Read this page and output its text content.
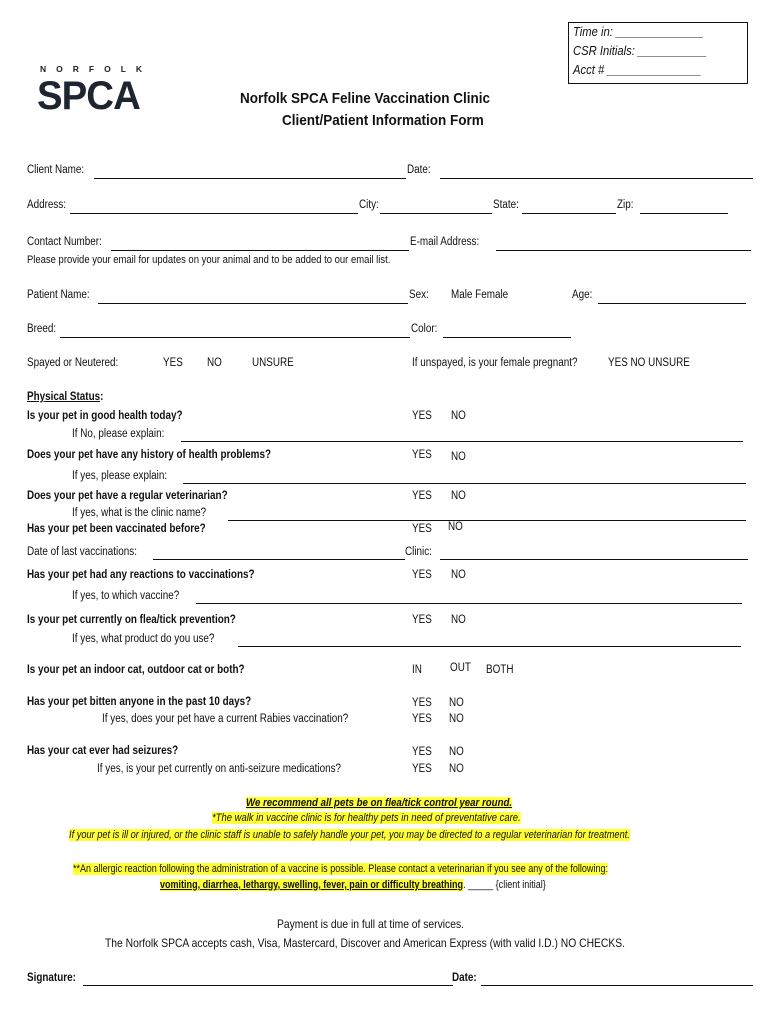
Time in: ______________
CSR Initials: ___________
Acct # _______________
NORFOLK
SPCA	Norfolk SPCA Feline Vaccination Clinic
Client/Patient Information Form
Client Name:	Date:
Address:	City:	State:	Zip:
Contact Number:	E-mail Address:
Please provide your email for updates on your animal and to be added to our email list.
Patient Name:	Sex: Male Female	Age:
Breed:	Color:
Spayed or Neutered:	YES NO	UNSURE	If unspayed, is your female pregnant?	YES NO UNSURE
Physical Status:
Is your pet in good health today?	YES NO
If No, please explain:
Does your pet have any history of health problems?	YES NO
If yes, please explain:
Does your pet have a regular veterinarian?	YES NO
If yes, what is the clinic name?
Has your pet been vaccinated before?	YES NO
Date of last vaccinations:	Clinic:
Has your pet had any reactions to vaccinations?	YES NO
If yes, to which vaccine?
Is your pet currently on flea/tick prevention?	YES NO
If yes, what product do you use?
Is your pet an indoor cat, outdoor cat or both?	IN OUT BOTH
Has your pet bitten anyone in the past 10 days?	YES NO
If yes, does your pet have a current Rabies vaccination?	YES NO
Has your cat ever had seizures?	YES NO
If yes, is your pet currently on anti-seizure medications?	YES NO
We recommend all pets be on flea/tick control year round.
*The walk in vaccine clinic is for healthy pets in need of preventative care.
If your pet is ill or injured, or the clinic staff is unable to safely handle your pet, you may be directed to a regular veterinarian for treatment.
**An allergic reaction following the administration of a vaccine is possible. Please contact a veterinarian if you see any of the following:
vomiting, diarrhea, lethargy, swelling, fever, pain or difficulty breathing. _____ {client initial}
Payment is due in full at time of services.
The Norfolk SPCA accepts cash, Visa, Mastercard, Discover and American Express (with valid I.D.) NO CHECKS.
Signature:	Date:
